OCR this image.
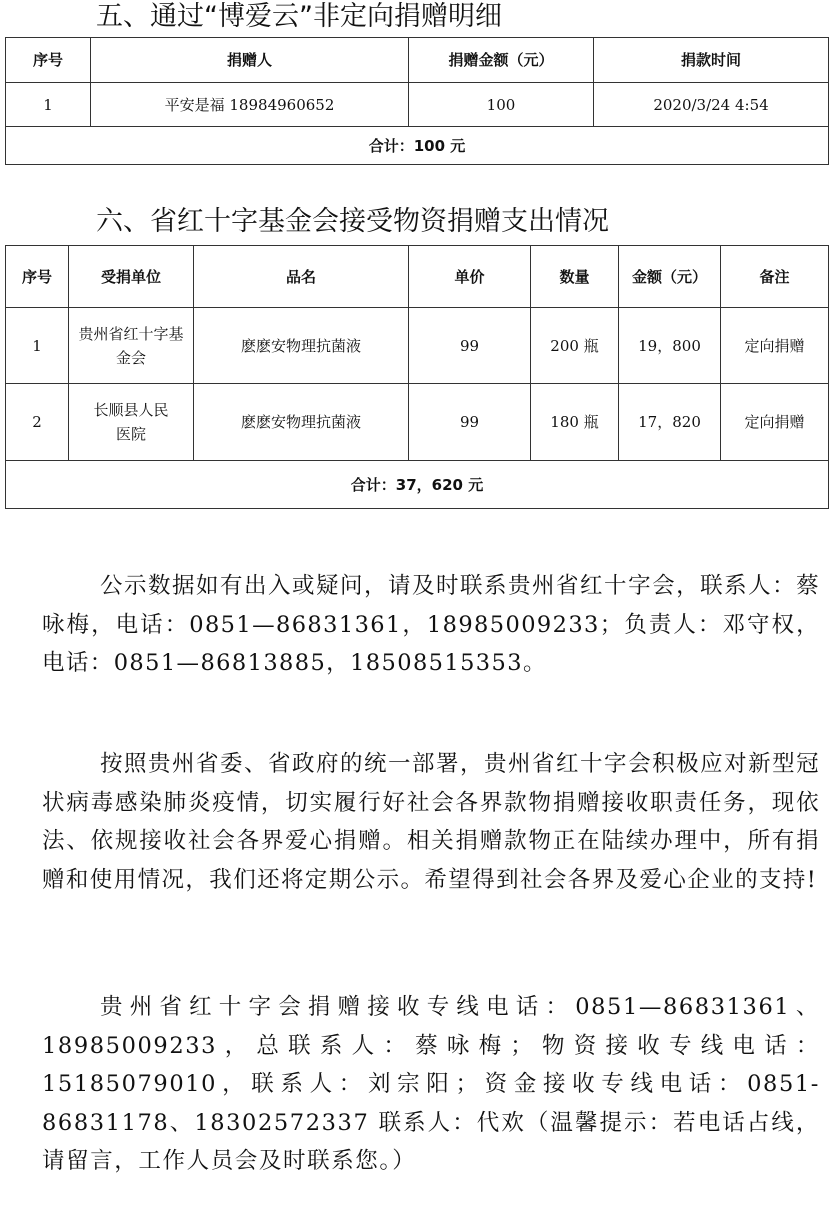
五、通过“博爱云”非定向捐赠明细
序号	捐赠人	捐赠金额（元）	捐款时间
1	平安是福 18984960652	100	2020/3/24 4:54
合计：100 元			
六、省红十字基金会接受物资捐赠支出情况
序号	受捐单位	品名	单价	数量	金额（元）	备注
1	贵州省红十字基金会	麽麽安物理抗菌液	99	200 瓶	19，800	定向捐赠
2	长顺县人民医院	麽麽安物理抗菌液	99	180 瓶	17，820	定向捐赠
合计：37，620 元						
公示数据如有出入或疑问，请及时联系贵州省红十字会，联系人：蔡咏梅，电话：0851—86831361，18985009233；负责人：邓守权，电话：0851—86813885，18508515353。
按照贵州省委、省政府的统一部署，贵州省红十字会积极应对新型冠状病毒感染肺炎疫情，切实履行好社会各界款物捐赠接收职责任务，现依法、依规接收社会各界爱心捐赠。相关捐赠款物正在陆续办理中，所有捐赠和使用情况，我们还将定期公示。希望得到社会各界及爱心企业的支持!
贵州省红十字会捐赠接收专线电话：0851—86831361、18985009233，总联系人：蔡咏梅；物资接收专线电话：15185079010，联系人：刘宗阳；资金接收专线电话：0851-86831178、18302572337 联系人：代欢（温馨提示：若电话占线，请留言，工作人员会及时联系您。）
